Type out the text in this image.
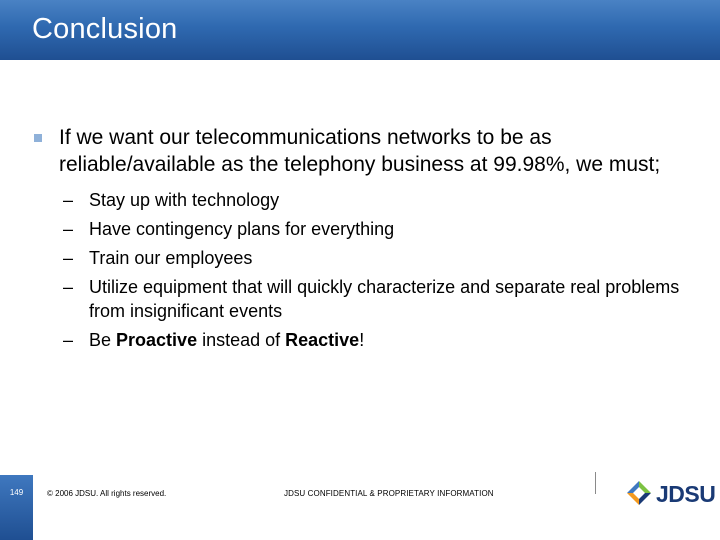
Conclusion
If we want our telecommunications networks to be as reliable/available as the telephony business at 99.98%, we must;
– Stay up with technology
– Have contingency plans for everything
– Train our employees
– Utilize equipment that will quickly characterize and separate real problems from insignificant events
– Be Proactive instead of Reactive!
149	© 2006 JDSU. All rights reserved.	JDSU CONFIDENTIAL & PROPRIETARY INFORMATION	JDSU
